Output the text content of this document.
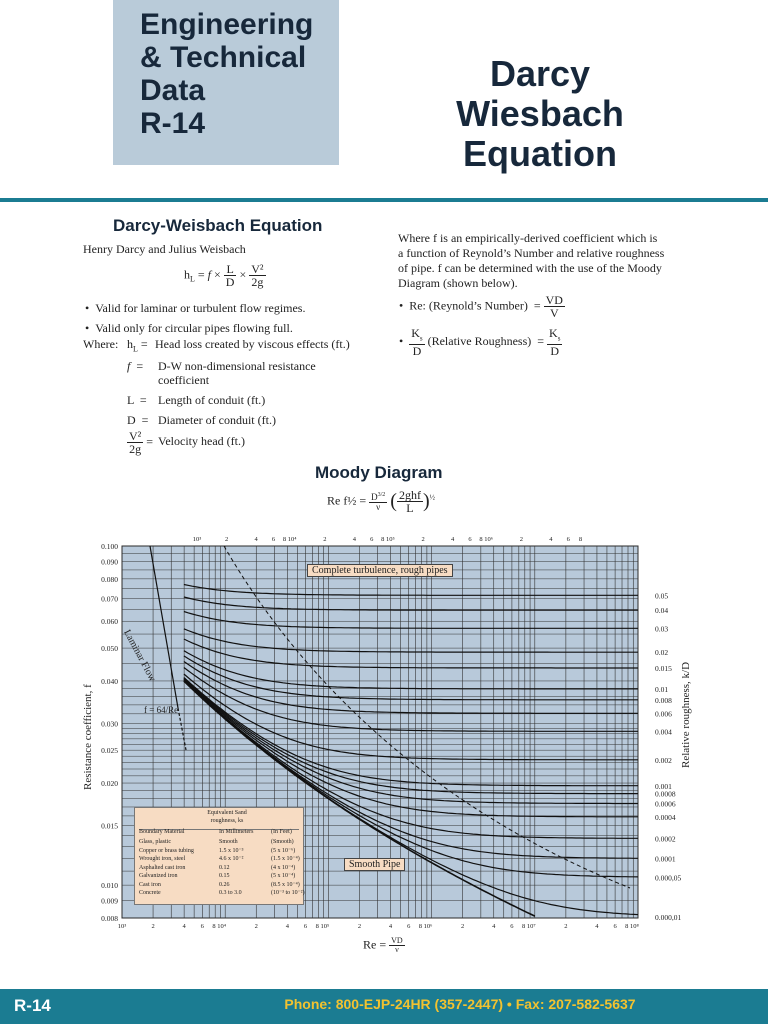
Engineering
& Technical
Data
R-14
Darcy
Wiesbach
Equation
Darcy-Weisbach Equation
Henry Darcy and Julius Weisbach
$h_L = f \times \frac{L}{D} \times \frac{\text{V²}}{2g}$
•  Valid for laminar or turbulent flow regimes.
•  Valid only for circular pipes flowing full.
Where: $h_L$ = Head loss created by viscous effects (ft.)
f  = D-W non-dimensional resistance
coefficient
L  = Length of conduit (ft.)
D  = Diameter of conduit (ft.)
$\frac{\text{V²}}{2g}$ = Velocity head (ft.)
Where f is an empirically-derived coefficient which is
a function of Reynold’s Number and relative roughness
of pipe. f can be determined with the use of the Moody
Diagram (shown below).
•  Re: (Reynold’s Number)  = $\frac{VD}{V}$
• $\frac{K_s}{D}$ (Relative Roughness)  = $\frac{K_s}{D}$
Moody Diagram
Re f½ = $\frac{D^{3/2}}{\nu}$ ( $\frac{\text{2ghf}}{L} )^{\frac{1}{2}}$
0.100
0.090
0.080
0.070
0.060
0.050
0.040
0.030
0.025
0.020
0.015
0.010
0.009
0.008
10³	2	4 6 8 10⁴	2	4 6 8 10⁵	2	4 6 8 10⁶	2	4 6 8 10⁷	2	4 6 8 10⁸
10³	2	4 6 8 10⁴	2	4 6 8 10⁵	2	4 6 8 10⁶	2	4 6 8
0.05
0.04
0.03
0.02
0.015
0.01
0.008
0.006
0.004
0.002
0.001
0.0008
0.0006
0.0004
0.0002
0.0001
0.000,05
0.000,01
Complete turbulence, rough pipes
Laminar Flow
f = 64/Re
Smooth Pipe
Equivalent Sand
roughness, ks
Boundary Material	In Millimeters	(In Feet)
Glass, plastic	Smooth	(Smooth)
Copper or brass tubing	1.5 x 10⁻³	(5 x 10⁻⁶)
Wrought iron, steel	4.6 x 10⁻²	(1.5 x 10⁻⁴)
Asphalted cast iron	0.12	(4 x 10⁻⁴)
Galvanized iron	0.15	(5 x 10⁻⁴)
Cast iron	0.26	(8.5 x 10⁻⁴)
Concrete	0.3 to 3.0	(10⁻³ to 10⁻²)
Resistance coefficient, f	Relative roughness, k/D
$Re = \frac{VD}{\nu}$
R-14	Phone: 800-EJP-24HR (357-2447) • Fax: 207-582-5637
